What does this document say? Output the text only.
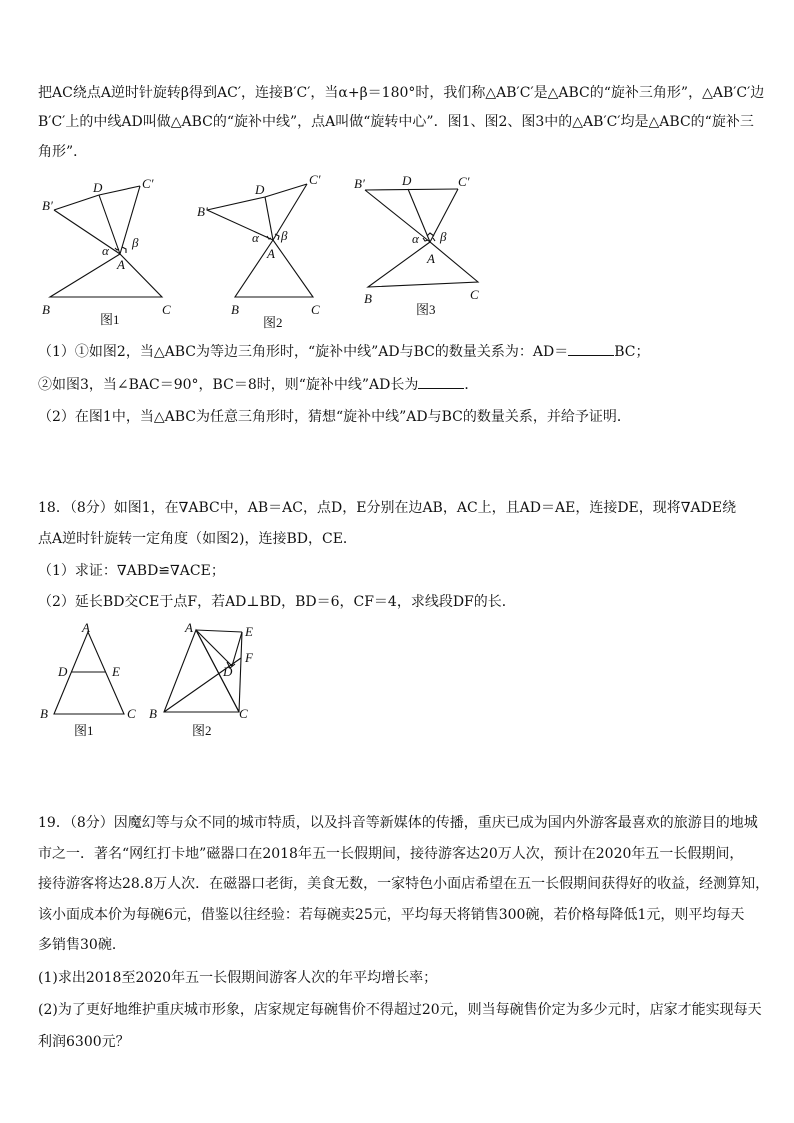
把AC绕点A逆时针旋转β得到AC′，连接B′C′，当α+β＝180°时，我们称△AB′C′是△ABC的“旋补三角形”，△AB′C′边
B′C′上的中线AD叫做△ABC的“旋补中线”，点A叫做“旋转中心”．图1、图2、图3中的△AB′C′均是△ABC的“旋补三
角形”．
B′
D	C′
α
β
A
B	C
图1
B′
D
C′
α β
A
B	C
图2
B′	D	C′
α β
A
B	C
图3
（1）①如图2，当△ABC为等边三角形时，“旋补中线”AD与BC的数量关系为：AD＝	BC；
②如图3，当∠BAC＝90°，BC＝8时，则“旋补中线”AD长为	．
（2）在图1中，当△ABC为任意三角形时，猜想“旋补中线”AD与BC的数量关系，并给予证明．
18．（8分）如图1，在∇ABC中，AB＝AC，点D，E分别在边AB，AC上，且AD＝AE，连接DE，现将∇ADE绕
点A逆时针旋转一定角度（如图2)，连接BD，CE．
（1）求证：∇ABD≌∇ACE；
（2）延长BD交CE于点F，若AD⊥BD，BD＝6，CF＝4，求线段DF的长．
A
D	E
B	C
图1
A	E
F
D
B	C
图2
19．（8分）因魔幻等与众不同的城市特质，以及抖音等新媒体的传播，重庆已成为国内外游客最喜欢的旅游目的地城
市之一．著名“网红打卡地”磁器口在2018年五一长假期间，接待游客达20万人次，预计在2020年五一长假期间，
接待游客将达28.8万人次．在磁器口老街，美食无数，一家特色小面店希望在五一长假期间获得好的收益，经测算知，
该小面成本价为每碗6元，借鉴以往经验：若每碗卖25元，平均每天将销售300碗，若价格每降低1元，则平均每天
多销售30碗．
(1)求出2018至2020年五一长假期间游客人次的年平均增长率；
(2)为了更好地维护重庆城市形象，店家规定每碗售价不得超过20元，则当每碗售价定为多少元时，店家才能实现每天
利润6300元？
